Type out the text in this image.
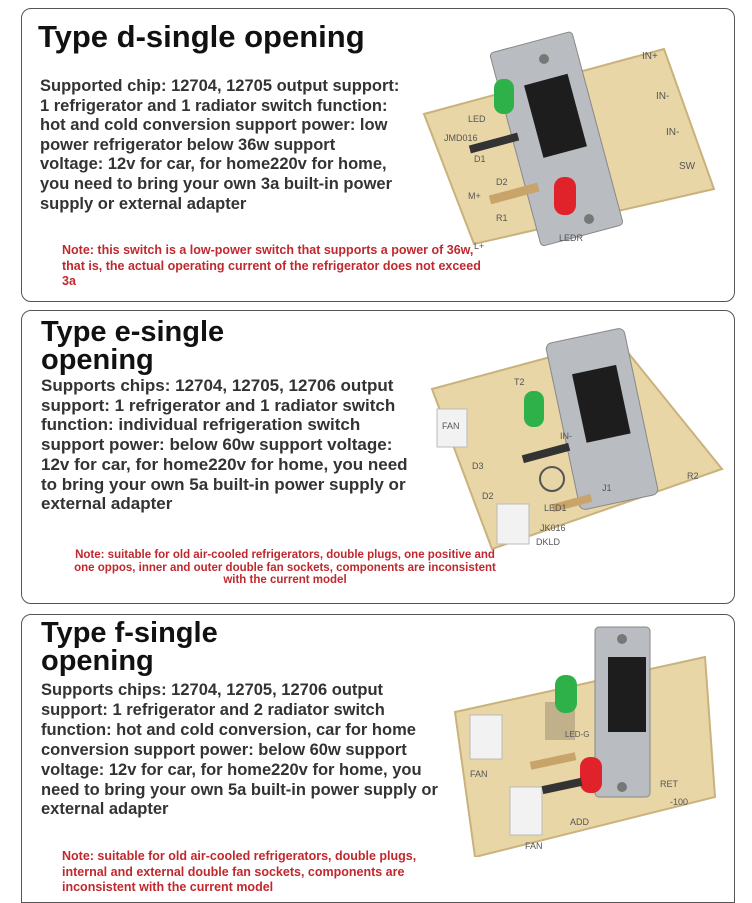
Type d-single opening

Supported chip: 12704, 12705 output support: 1 refrigerator and 1 radiator switch function: hot and cold conversion support power: low power refrigerator below 36w support voltage: 12v for car, for home220v for home, you need to bring your own 3a built-in power supply or external adapter

Note: this switch is a low-power switch that supports a power of 36w, that is, the actual operating current of the refrigerator does not exceed 3a

IN+
IN-
IN-
SW
LED
JMD016
D1
D2
M+
R1
LEDR
L+
Type e-single opening

Supports chips: 12704, 12705, 12706 output support: 1 refrigerator and 1 radiator switch function: individual refrigeration switch support power: below 60w support voltage: 12v for car, for home220v for home, you need to bring your own 5a built-in power supply or external adapter

Note: suitable for old air-cooled refrigerators, double plugs, one positive and one oppos, inner and outer double fan sockets, components are inconsistent with the current model

T2
IN-
R2
D3
D2
LED1
JK016
DKLD
J1
FAN
Type f-single opening

Supports chips: 12704, 12705, 12706 output support: 1 refrigerator and 2 radiator switch function: hot and cold conversion, car for home conversion support power: below 60w support voltage: 12v for car, for home220v for home, you need to bring your own 5a built-in power supply or external adapter

Note: suitable for old air-cooled refrigerators, double plugs, internal and external double fan sockets, components are inconsistent with the current model

FAN
FAN
RET
ADD
-100
LED-G
